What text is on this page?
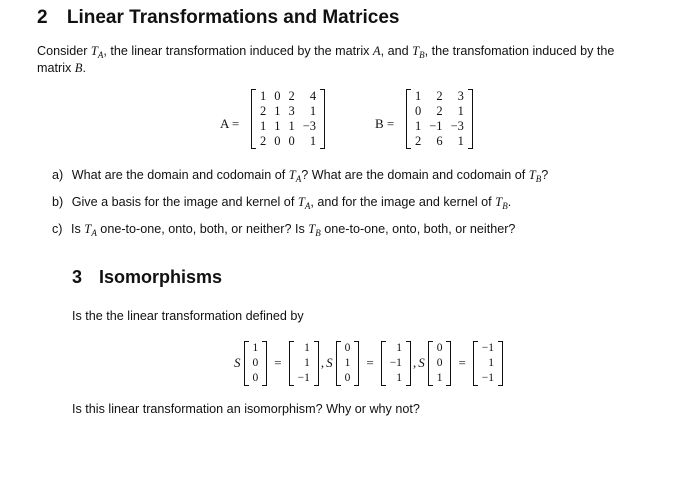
2 Linear Transformations and Matrices
Consider $T_A$, the linear transformation induced by the matrix A, and $T_B$, the transfomation induced by the
matrix B.
A =
1	0	2	4
2	1	3	1
1	1	1	−3
2	0	0	1
B =
1	2	3
0	2	1
1	−1	−3
2	6	1
a) What are the domain and codomain of $T_A$? What are the domain and codomain of $T_B$?
b) Give a basis for the image and kernel of $T_A$, and for the image and kernel of $T_B$.
c) Is $T_A$ one-to-one, onto, both, or neither? Is $T_B$ one-to-one, onto, both, or neither?
3 Isomorphisms
Is the the linear transformation defined by
S
1
0
0
=
1
1
−1
, S
0
1
0
=
1
−1
1
, S
0
0
1
=
−1
1
−1
Is this linear transformation an isomorphism? Why or why not?
